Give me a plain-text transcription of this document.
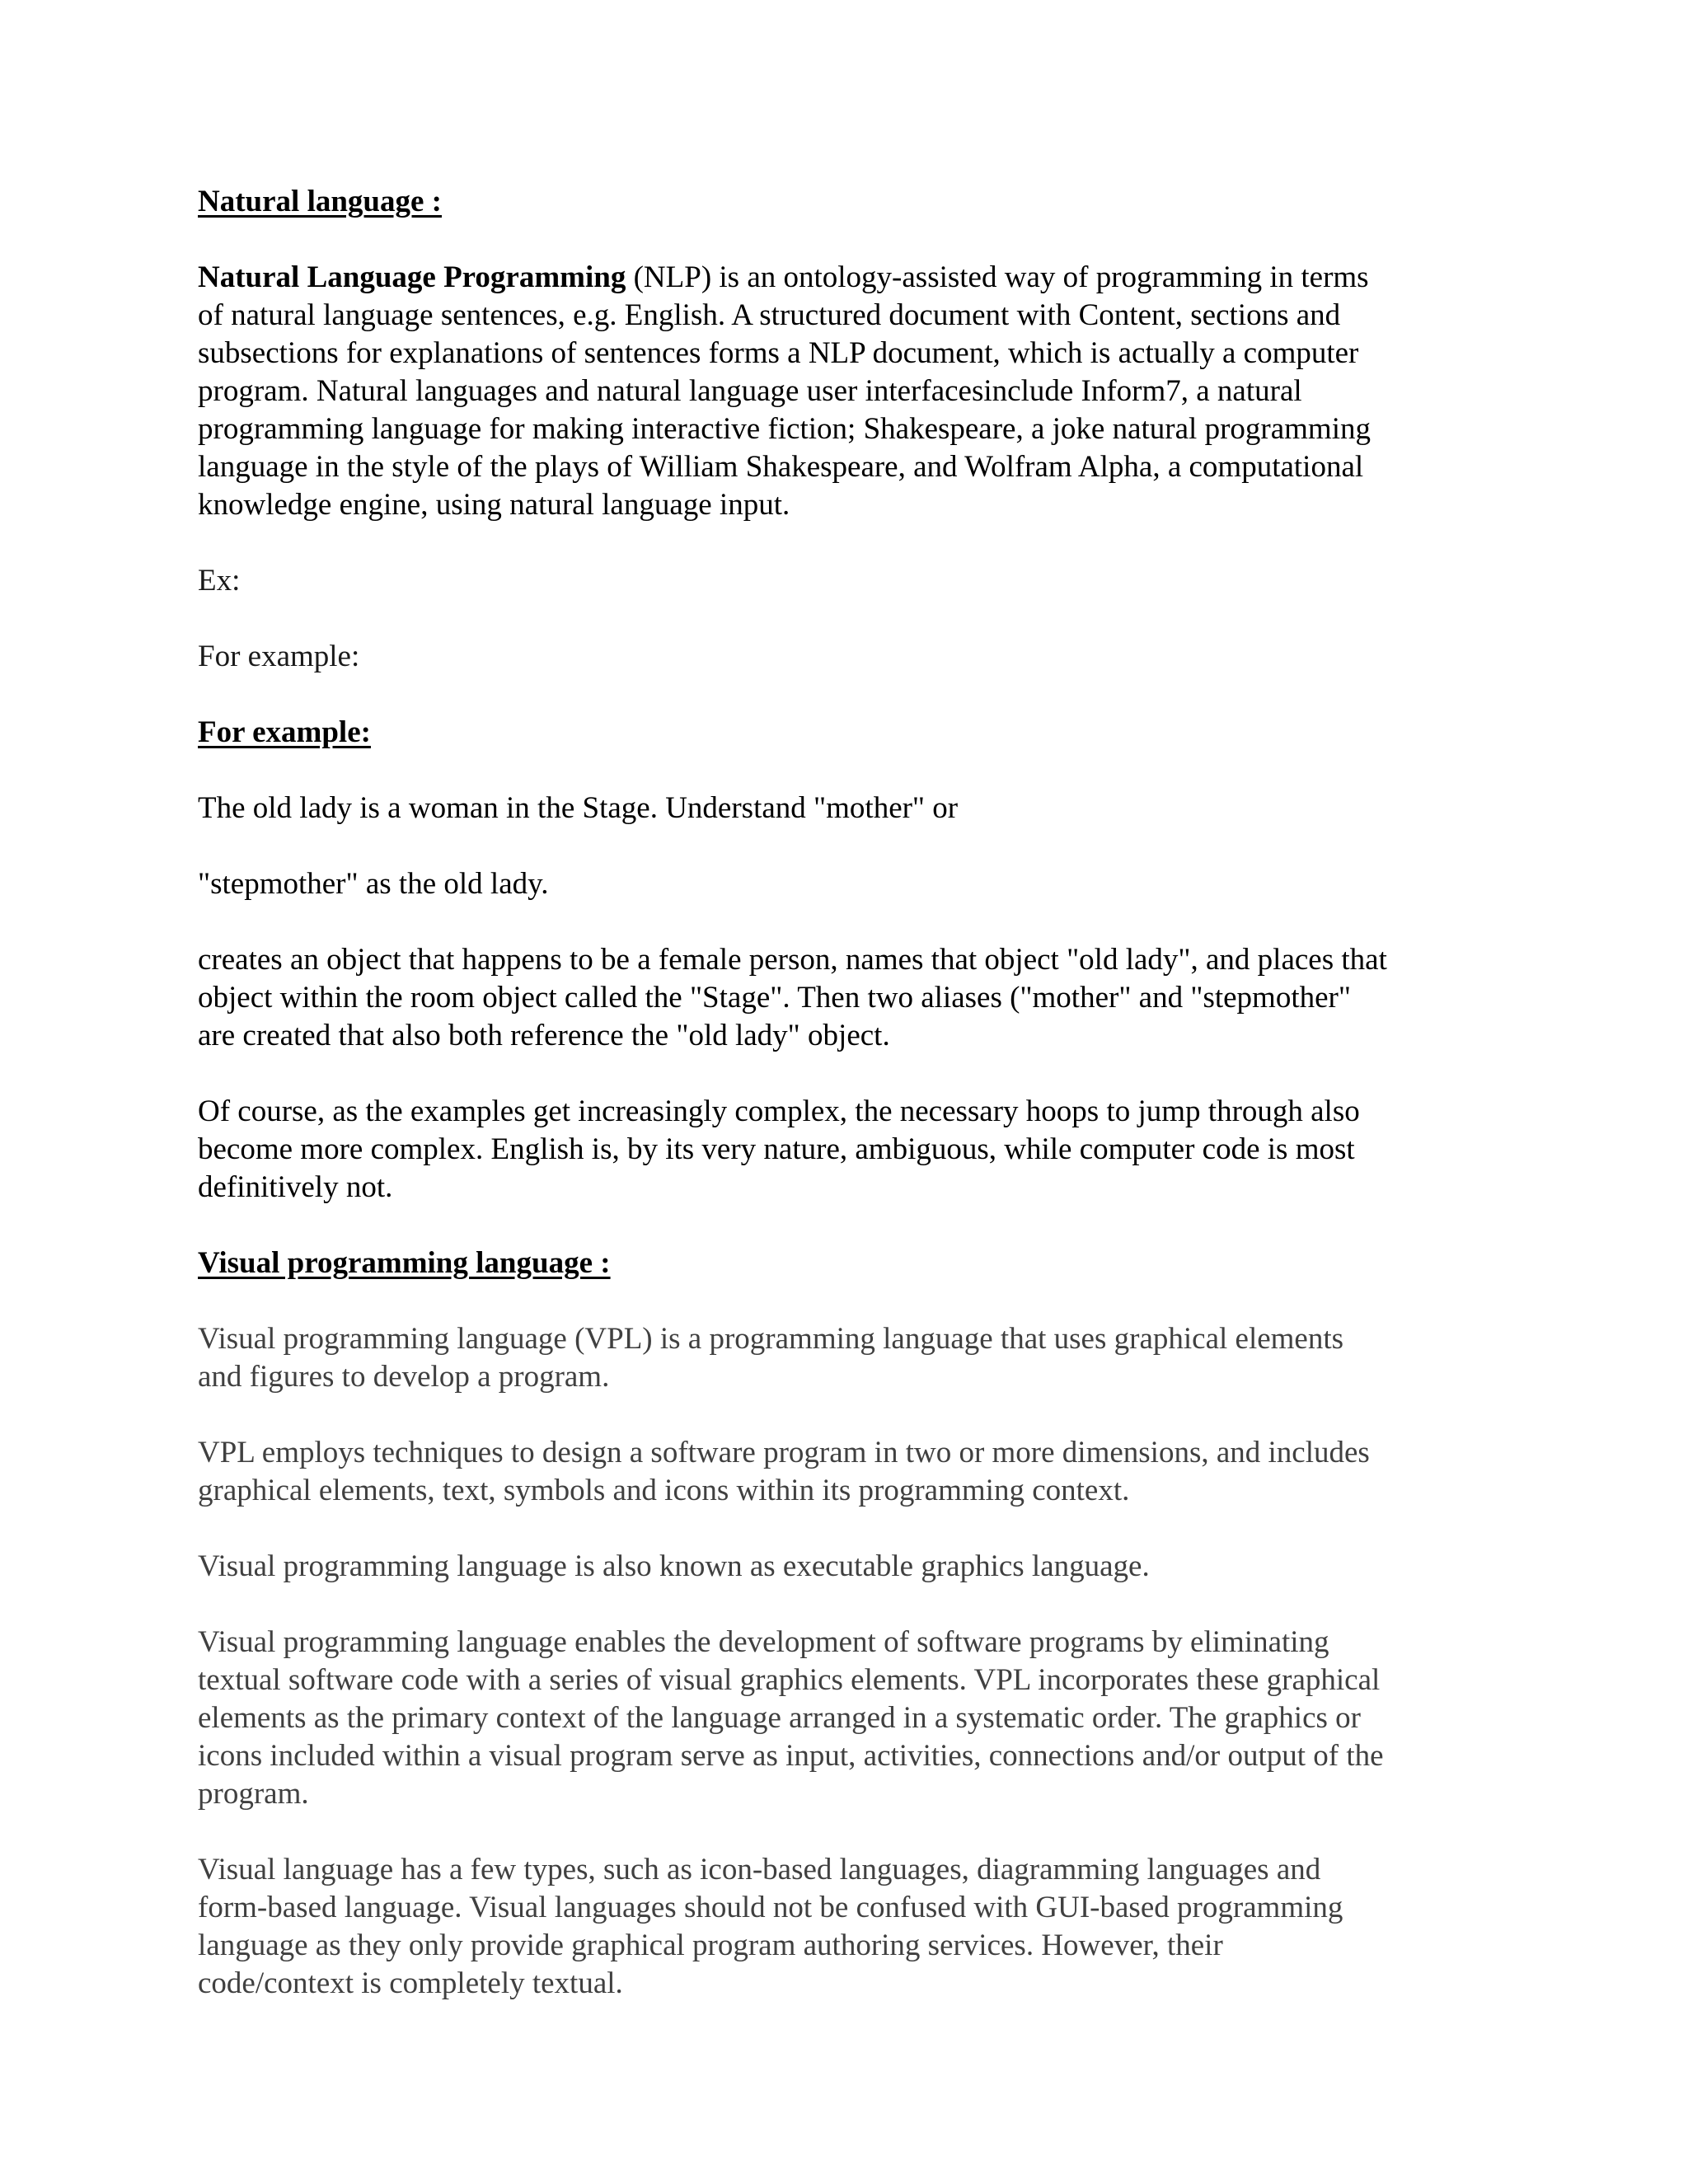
Natural language :

Natural Language Programming (NLP) is an ontology-assisted way of programming in terms
of natural language sentences, e.g. English. A structured document with Content, sections and
subsections for explanations of sentences forms a NLP document, which is actually a computer
program. Natural languages and natural language user interfacesinclude Inform7, a natural
programming language for making interactive fiction; Shakespeare, a joke natural programming
language in the style of the plays of William Shakespeare, and Wolfram Alpha, a computational
knowledge engine, using natural language input.

Ex:

For example:

For example:

The old lady is a woman in the Stage. Understand "mother" or

"stepmother" as the old lady.

creates an object that happens to be a female person, names that object "old lady", and places that
object within the room object called the "Stage". Then two aliases ("mother" and "stepmother"
are created that also both reference the "old lady" object.

Of course, as the examples get increasingly complex, the necessary hoops to jump through also
become more complex. English is, by its very nature, ambiguous, while computer code is most
definitively not.

Visual programming language :

Visual programming language (VPL) is a programming language that uses graphical elements
and figures to develop a program.

VPL employs techniques to design a software program in two or more dimensions, and includes
graphical elements, text, symbols and icons within its programming context.

Visual programming language is also known as executable graphics language.

Visual programming language enables the development of software programs by eliminating
textual software code with a series of visual graphics elements. VPL incorporates these graphical
elements as the primary context of the language arranged in a systematic order. The graphics or
icons included within a visual program serve as input, activities, connections and/or output of the
program.

Visual language has a few types, such as icon-based languages, diagramming languages and
form-based language. Visual languages should not be confused with GUI-based programming
language as they only provide graphical program authoring services. However, their
code/context is completely textual.
